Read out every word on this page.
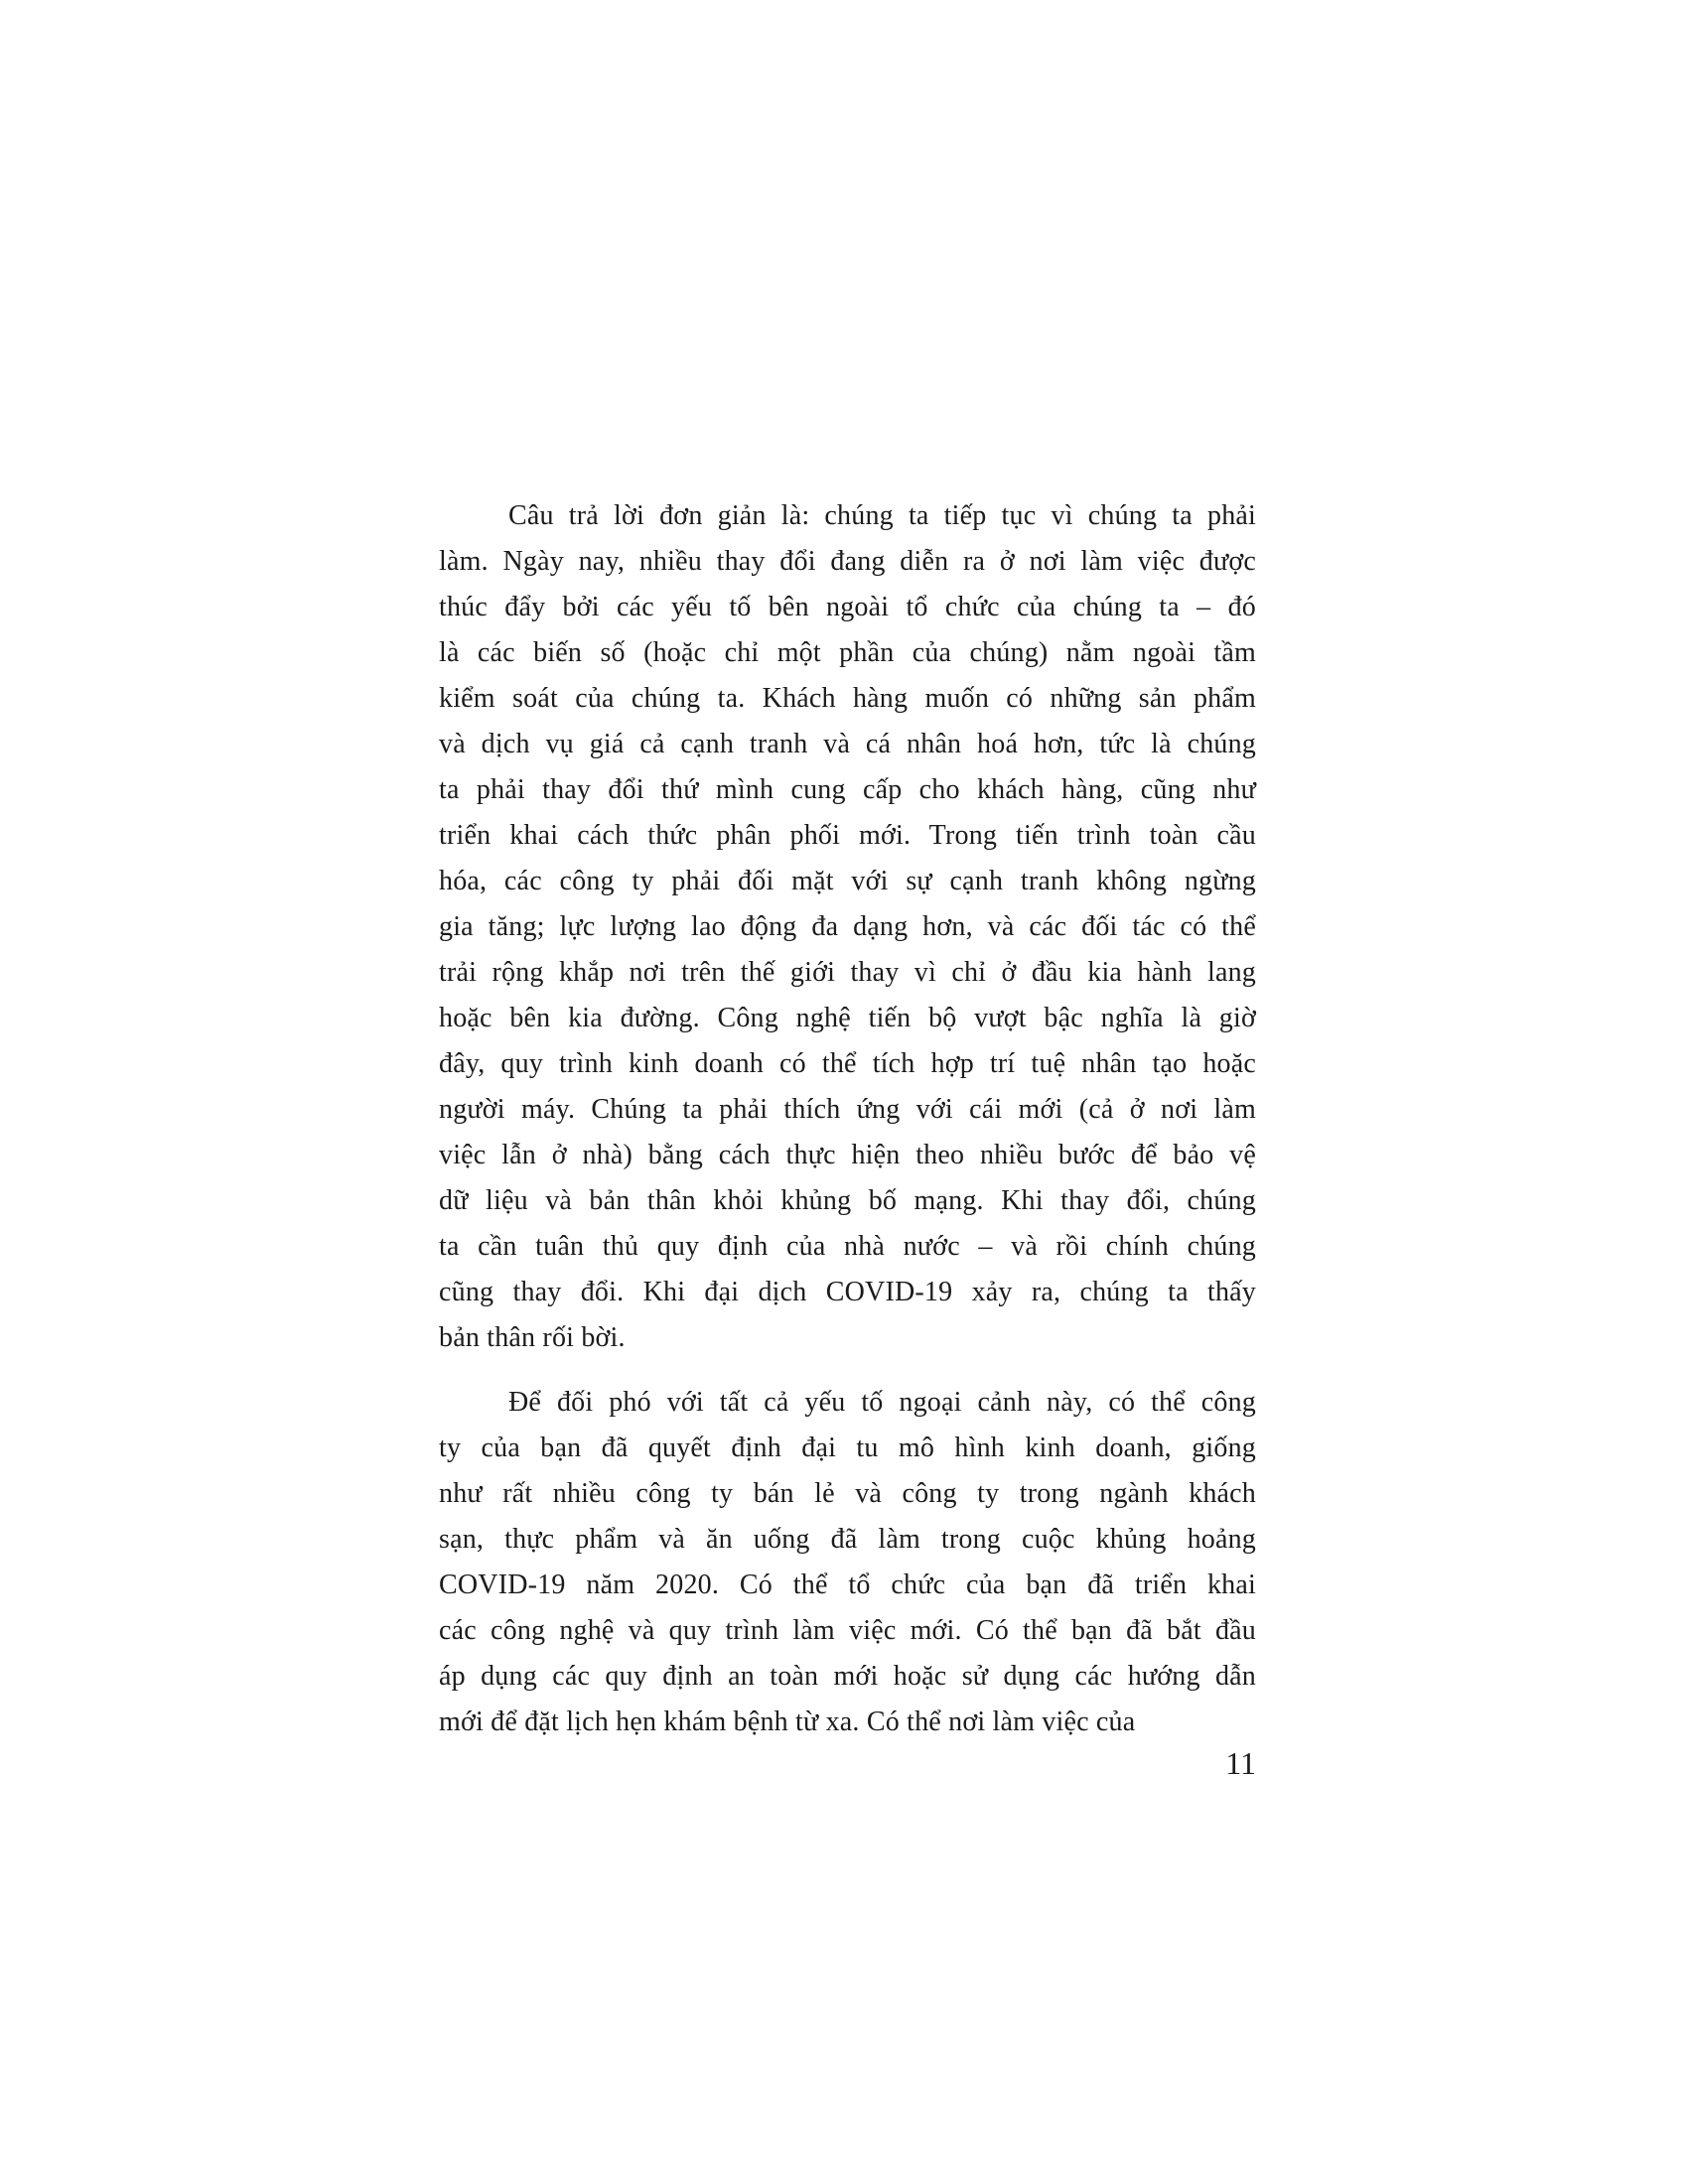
Câu trả lời đơn giản là: chúng ta tiếp tục vì chúng ta phải
làm. Ngày nay, nhiều thay đổi đang diễn ra ở nơi làm việc được
thúc đẩy bởi các yếu tố bên ngoài tổ chức của chúng ta – đó
là các biến số (hoặc chỉ một phần của chúng) nằm ngoài tầm
kiểm soát của chúng ta. Khách hàng muốn có những sản phẩm
và dịch vụ giá cả cạnh tranh và cá nhân hoá hơn, tức là chúng
ta phải thay đổi thứ mình cung cấp cho khách hàng, cũng như
triển khai cách thức phân phối mới. Trong tiến trình toàn cầu
hóa, các công ty phải đối mặt với sự cạnh tranh không ngừng
gia tăng; lực lượng lao động đa dạng hơn, và các đối tác có thể
trải rộng khắp nơi trên thế giới thay vì chỉ ở đầu kia hành lang
hoặc bên kia đường. Công nghệ tiến bộ vượt bậc nghĩa là giờ
đây, quy trình kinh doanh có thể tích hợp trí tuệ nhân tạo hoặc
người máy. Chúng ta phải thích ứng với cái mới (cả ở nơi làm
việc lẫn ở nhà) bằng cách thực hiện theo nhiều bước để bảo vệ
dữ liệu và bản thân khỏi khủng bố mạng. Khi thay đổi, chúng
ta cần tuân thủ quy định của nhà nước – và rồi chính chúng
cũng thay đổi. Khi đại dịch COVID-19 xảy ra, chúng ta thấy
bản thân rối bời.
Để đối phó với tất cả yếu tố ngoại cảnh này, có thể công
ty của bạn đã quyết định đại tu mô hình kinh doanh, giống
như rất nhiều công ty bán lẻ và công ty trong ngành khách
sạn, thực phẩm và ăn uống đã làm trong cuộc khủng hoảng
COVID-19 năm 2020. Có thể tổ chức của bạn đã triển khai
các công nghệ và quy trình làm việc mới. Có thể bạn đã bắt đầu
áp dụng các quy định an toàn mới hoặc sử dụng các hướng dẫn
mới để đặt lịch hẹn khám bệnh từ xa. Có thể nơi làm việc của
11
